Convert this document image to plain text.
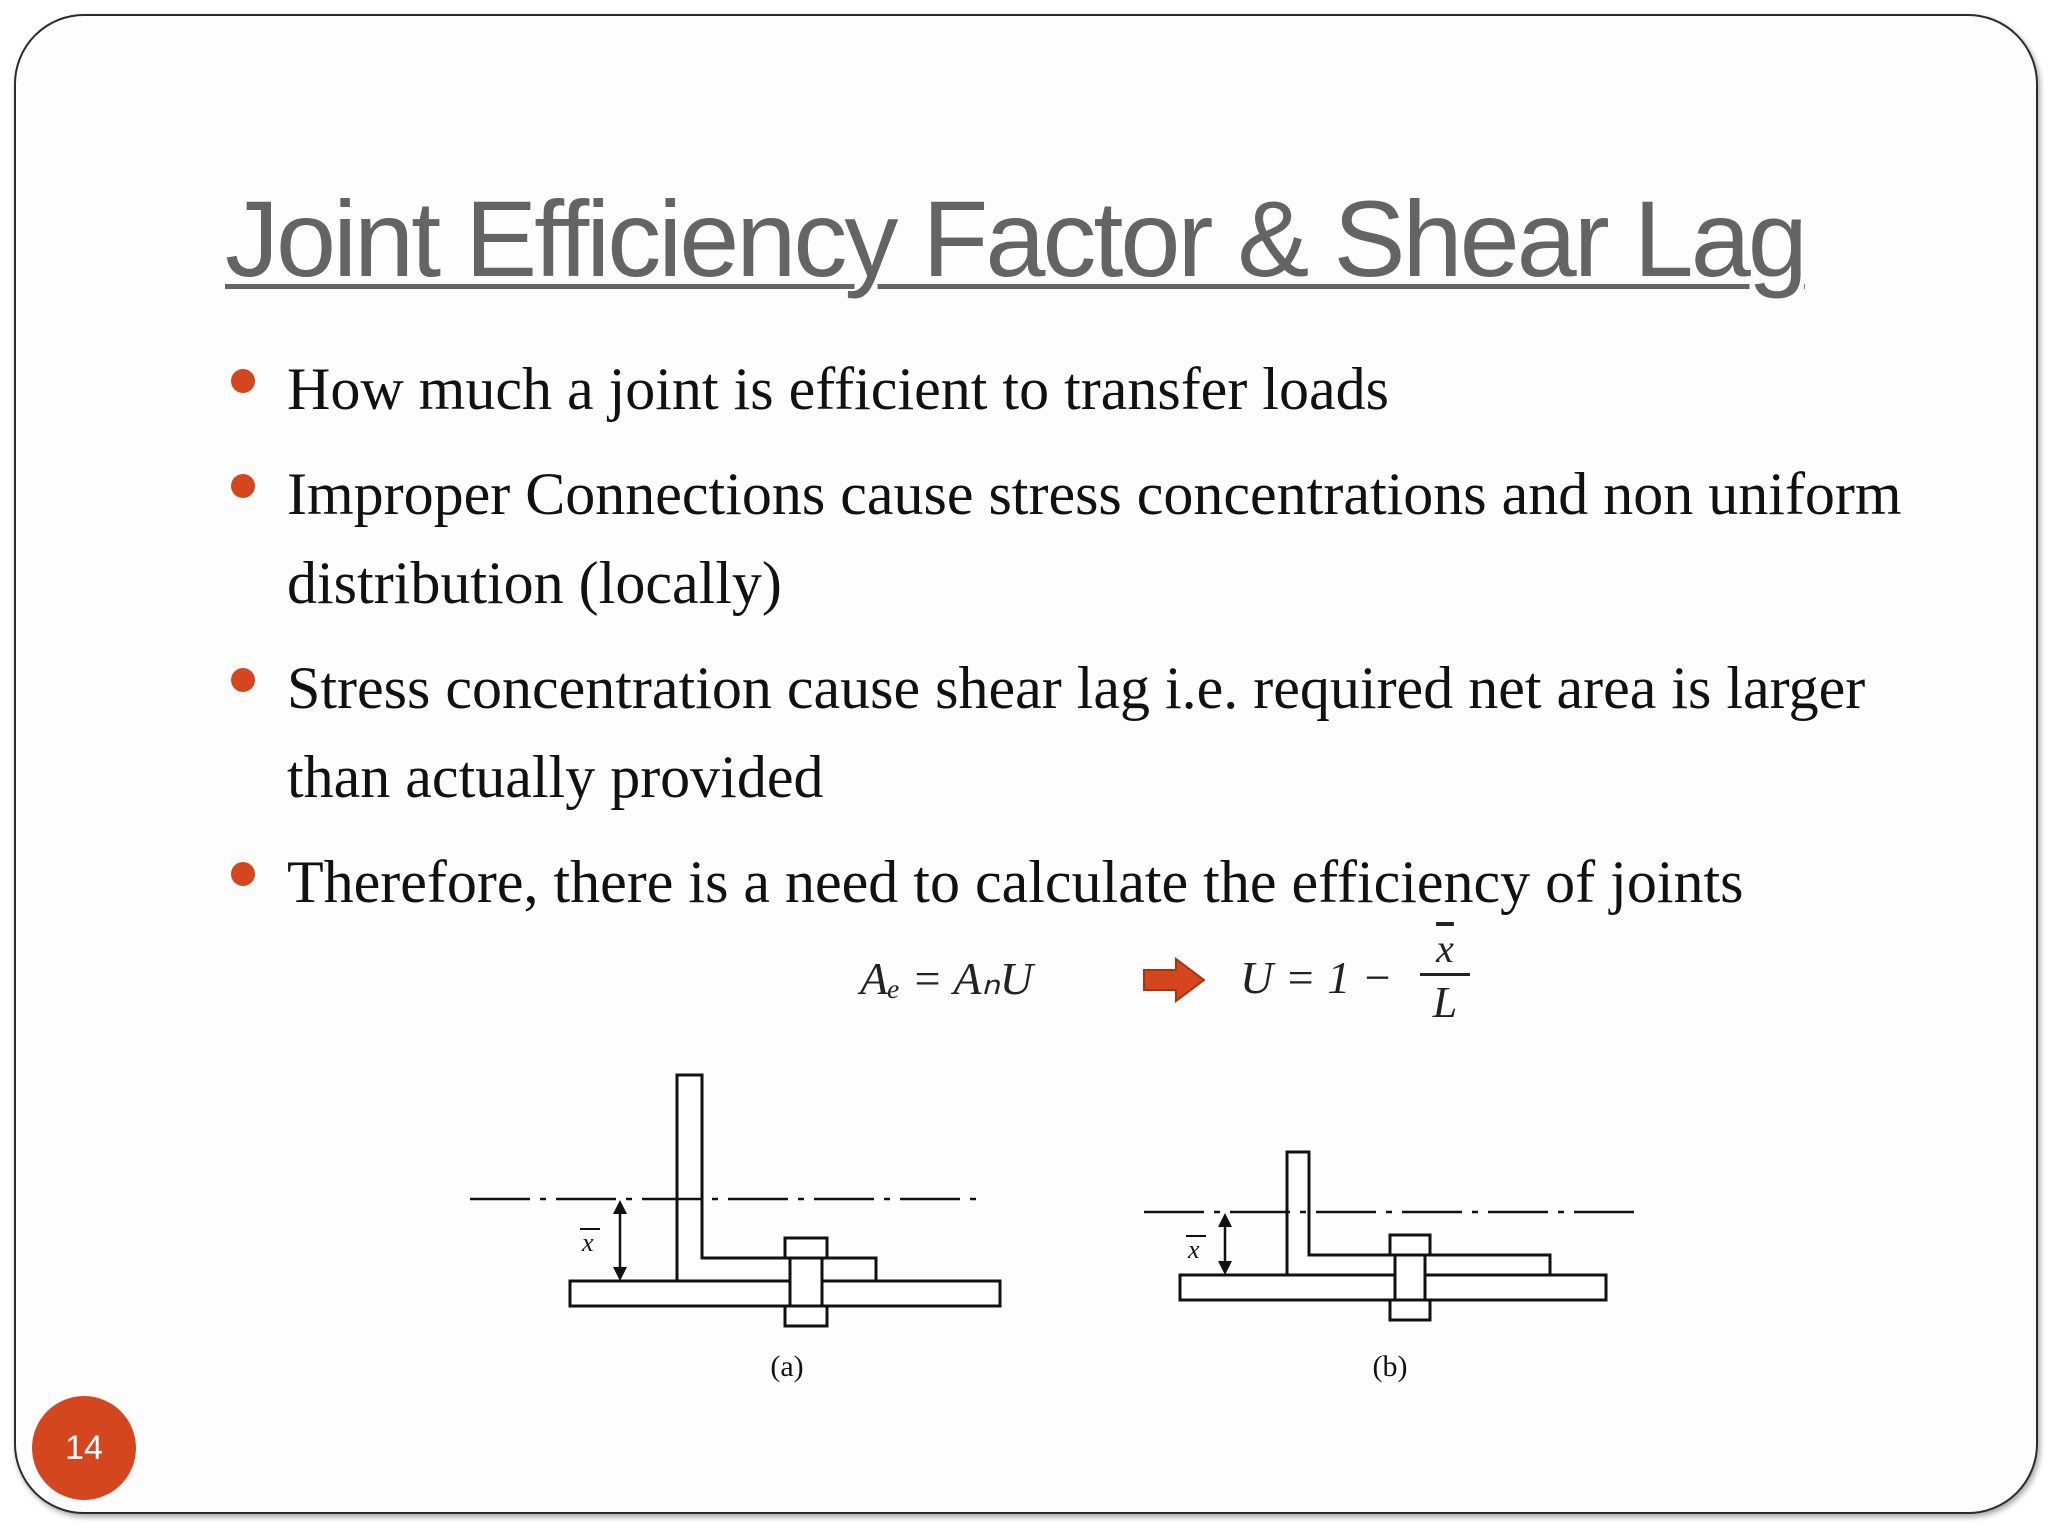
Joint Efficiency Factor & Shear Lag
How much a joint is efficient to transfer loads
Improper Connections cause stress concentrations and non uniform distribution (locally)
Stress concentration cause shear lag i.e. required net area is larger than actually provided
Therefore, there is a need to calculate the efficiency of joints
Aₑ = AₙU	U = 1 −
$\overline{x}$
L
x
(a)
x
(b)
14
